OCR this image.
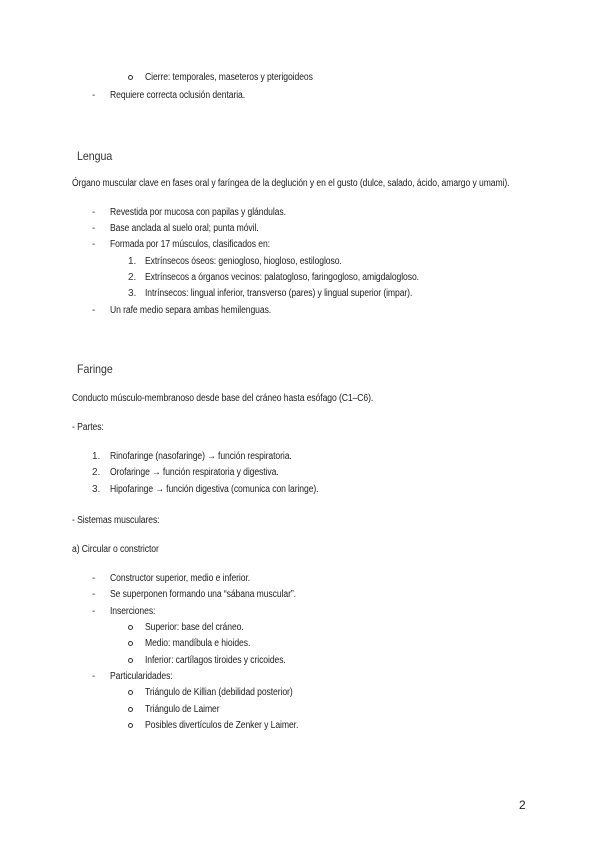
Cierre: temporales, maseteros y pterigoideos
- Requiere correcta oclusión dentaria.
Lengua
Órgano muscular clave en fases oral y faríngea de la deglución y en el gusto (dulce, salado, ácido, amargo y umami).
- Revestida por mucosa con papilas y glándulas.
- Base anclada al suelo oral; punta móvil.
- Formada por 17 músculos, clasificados en:
1. Extrínsecos óseos: geniogloso, hiogloso, estilogloso.
2. Extrínsecos a órganos vecinos: palatogloso, faringogloso, amigdalogloso.
3. Intrínsecos: lingual inferior, transverso (pares) y lingual superior (impar).
- Un rafe medio separa ambas hemilenguas.
Faringe
Conducto músculo-membranoso desde base del cráneo hasta esófago (C1–C6).
- Partes:
1. Rinofaringe (nasofaringe) → función respiratoria.
2. Orofaringe → función respiratoria y digestiva.
3. Hipofaringe → función digestiva (comunica con laringe).
- Sistemas musculares:
a) Circular o constrictor
- Constructor superior, medio e inferior.
- Se superponen formando una “sábana muscular”.
- Inserciones:
Superior: base del cráneo.
Medio: mandíbula e hioides.
Inferior: cartílagos tiroides y cricoides.
- Particularidades:
Triángulo de Killian (debilidad posterior)
Triángulo de Laimer
Posibles divertículos de Zenker y Laimer.
2
